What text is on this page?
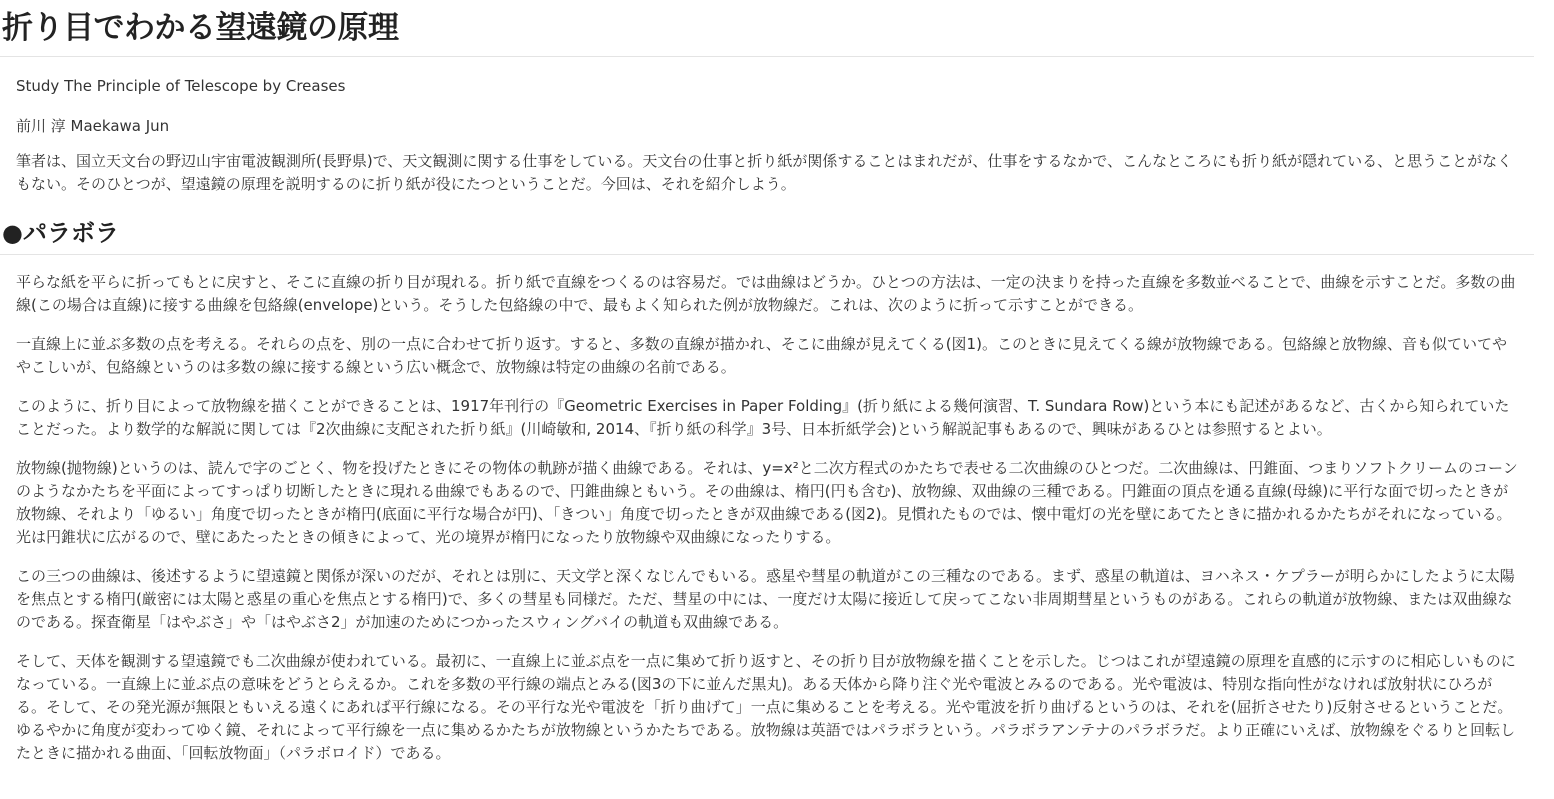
折り目でわかる望遠鏡の原理

Study The Principle of Telescope by Creases

前川 淳 Maekawa Jun

筆者は、国立天文台の野辺山宇宙電波観測所(長野県)で、天文観測に関する仕事をしている。天文台の仕事と折り紙が関係することはまれだが、仕事をするなかで、こんなところにも折り紙が隠れている、と思うことがなくもない。そのひとつが、望遠鏡の原理を説明するのに折り紙が役にたつということだ。今回は、それを紹介しよう。

●パラボラ

平らな紙を平らに折ってもとに戻すと、そこに直線の折り目が現れる。折り紙で直線をつくるのは容易だ。では曲線はどうか。ひとつの方法は、一定の決まりを持った直線を多数並べることで、曲線を示すことだ。多数の曲線(この場合は直線)に接する曲線を包絡線(envelope)という。そうした包絡線の中で、最もよく知られた例が放物線だ。これは、次のように折って示すことができる。

一直線上に並ぶ多数の点を考える。それらの点を、別の一点に合わせて折り返す。すると、多数の直線が描かれ、そこに曲線が見えてくる(図1)。このときに見えてくる線が放物線である。包絡線と放物線、音も似ていてややこしいが、包絡線というのは多数の線に接する線という広い概念で、放物線は特定の曲線の名前である。

このように、折り目によって放物線を描くことができることは、1917年刊行の『Geometric Exercises in Paper Folding』(折り紙による幾何演習、T. Sundara Row)という本にも記述があるなど、古くから知られていたことだった。より数学的な解説に関しては『2次曲線に支配された折り紙』(川崎敏和, 2014、『折り紙の科学』3号、日本折紙学会)という解説記事もあるので、興味があるひとは参照するとよい。

放物線(抛物線)というのは、読んで字のごとく、物を投げたときにその物体の軌跡が描く曲線である。それは、y=x²と二次方程式のかたちで表せる二次曲線のひとつだ。二次曲線は、円錐面、つまりソフトクリームのコーンのようなかたちを平面によってすっぱり切断したときに現れる曲線でもあるので、円錐曲線ともいう。その曲線は、楕円(円も含む)、放物線、双曲線の三種である。円錐面の頂点を通る直線(母線)に平行な面で切ったときが放物線、それより「ゆるい」角度で切ったときが楕円(底面に平行な場合が円)、「きつい」角度で切ったときが双曲線である(図2)。見慣れたものでは、懐中電灯の光を壁にあてたときに描かれるかたちがそれになっている。光は円錐状に広がるので、壁にあたったときの傾きによって、光の境界が楕円になったり放物線や双曲線になったりする。

この三つの曲線は、後述するように望遠鏡と関係が深いのだが、それとは別に、天文学と深くなじんでもいる。惑星や彗星の軌道がこの三種なのである。まず、惑星の軌道は、ヨハネス・ケプラーが明らかにしたように太陽を焦点とする楕円(厳密には太陽と惑星の重心を焦点とする楕円)で、多くの彗星も同様だ。ただ、彗星の中には、一度だけ太陽に接近して戻ってこない非周期彗星というものがある。これらの軌道が放物線、または双曲線なのである。探査衛星「はやぶさ」や「はやぶさ2」が加速のためにつかったスウィングバイの軌道も双曲線である。

そして、天体を観測する望遠鏡でも二次曲線が使われている。最初に、一直線上に並ぶ点を一点に集めて折り返すと、その折り目が放物線を描くことを示した。じつはこれが望遠鏡の原理を直感的に示すのに相応しいものになっている。一直線上に並ぶ点の意味をどうとらえるか。これを多数の平行線の端点とみる(図3の下に並んだ黒丸)。ある天体から降り注ぐ光や電波とみるのである。光や電波は、特別な指向性がなければ放射状にひろがる。そして、その発光源が無限ともいえる遠くにあれば平行線になる。その平行な光や電波を「折り曲げて」一点に集めることを考える。光や電波を折り曲げるというのは、それを(屈折させたり)反射させるということだ。ゆるやかに角度が変わってゆく鏡、それによって平行線を一点に集めるかたちが放物線というかたちである。放物線は英語ではパラボラという。パラボラアンテナのパラボラだ。より正確にいえば、放物線をぐるりと回転したときに描かれる曲面、「回転放物面」（パラボロイド）である。
